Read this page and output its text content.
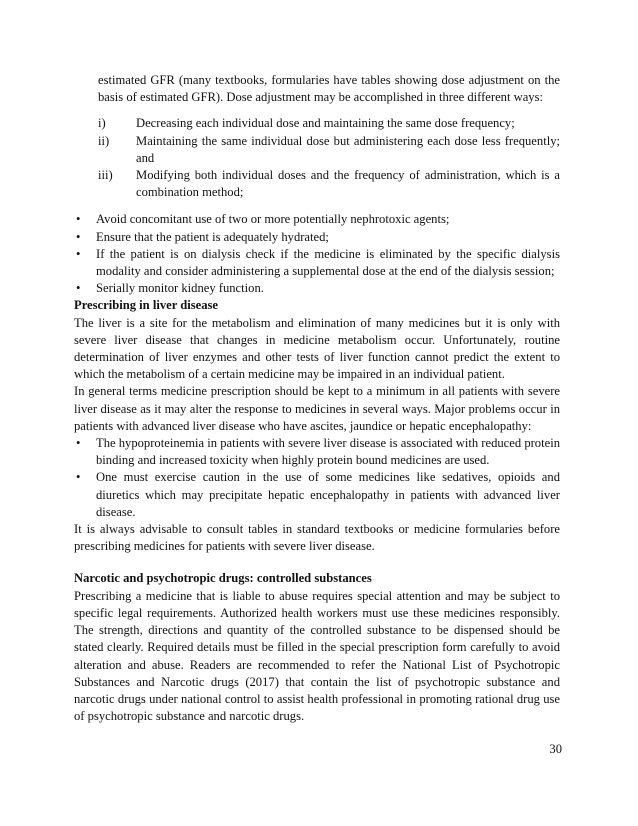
estimated GFR (many textbooks, formularies have tables showing dose adjustment on the basis of estimated GFR). Dose adjustment may be accomplished in three different ways:

i)	Decreasing each individual dose and maintaining the same dose frequency;
ii)	Maintaining the same individual dose but administering each dose less frequently; and
iii)	Modifying both individual doses and the frequency of administration, which is a combination method;
•	Avoid concomitant use of two or more potentially nephrotoxic agents;
•	Ensure that the patient is adequately hydrated;
•	If the patient is on dialysis check if the medicine is eliminated by the specific dialysis modality and consider administering a supplemental dose at the end of the dialysis session;
•	Serially monitor kidney function.
Prescribing in liver disease

The liver is a site for the metabolism and elimination of many medicines but it is only with severe liver disease that changes in medicine metabolism occur. Unfortunately, routine determination of liver enzymes and other tests of liver function cannot predict the extent to which the metabolism of a certain medicine may be impaired in an individual patient.

In general terms medicine prescription should be kept to a minimum in all patients with severe liver disease as it may alter the response to medicines in several ways. Major problems occur in patients with advanced liver disease who have ascites, jaundice or hepatic encephalopathy:

•	The hypoproteinemia in patients with severe liver disease is associated with reduced protein binding and increased toxicity when highly protein bound medicines are used.
•	One must exercise caution in the use of some medicines like sedatives, opioids and diuretics which may precipitate hepatic encephalopathy in patients with advanced liver disease.

It is always advisable to consult tables in standard textbooks or medicine formularies before prescribing medicines for patients with severe liver disease.

Narcotic and psychotropic drugs: controlled substances

Prescribing a medicine that is liable to abuse requires special attention and may be subject to specific legal requirements. Authorized health workers must use these medicines responsibly. The strength, directions and quantity of the controlled substance to be dispensed should be stated clearly. Required details must be filled in the special prescription form carefully to avoid alteration and abuse. Readers are recommended to refer the National List of Psychotropic Substances and Narcotic drugs (2017) that contain the list of psychotropic substance and narcotic drugs under national control to assist health professional in promoting rational drug use of psychotropic substance and narcotic drugs.

30
